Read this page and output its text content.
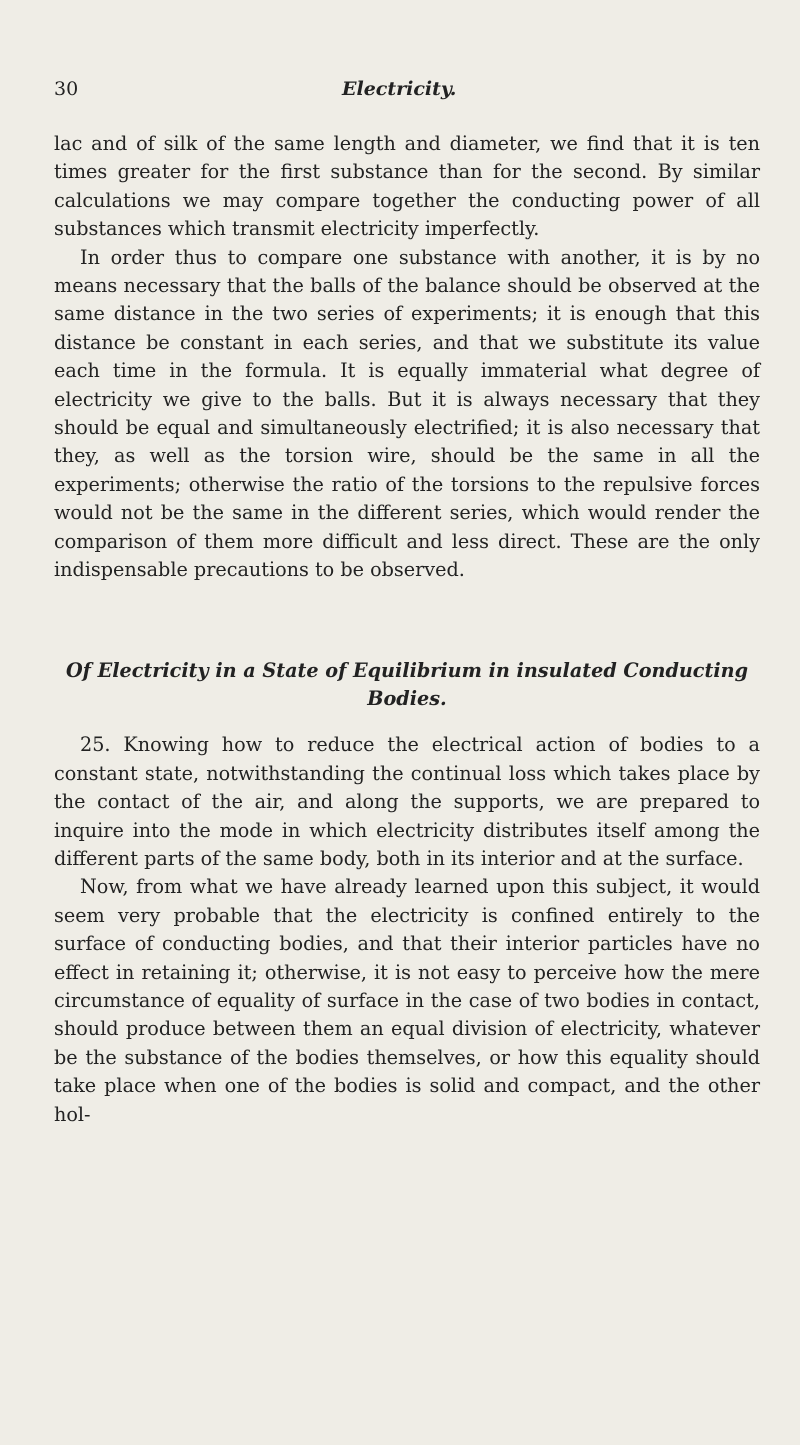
30	Electricity.

lac and of silk of the same length and diameter, we find that it is ten times greater for the first substance than for the second. By similar calculations we may compare together the conducting power of all substances which transmit electricity imperfectly.

In order thus to compare one substance with another, it is by no means necessary that the balls of the balance should be observed at the same distance in the two series of experiments; it is enough that this distance be constant in each series, and that we substitute its value each time in the formula. It is equally immaterial what degree of electricity we give to the balls. But it is always necessary that they should be equal and simultaneously electrified; it is also necessary that they, as well as the torsion wire, should be the same in all the experiments; otherwise the ratio of the torsions to the repulsive forces would not be the same in the different series, which would render the comparison of them more difficult and less direct. These are the only indispensable precautions to be observed.

Of Electricity in a State of Equilibrium in insulated Conducting
Bodies.

25. Knowing how to reduce the electrical action of bodies to a constant state, notwithstanding the continual loss which takes place by the contact of the air, and along the supports, we are prepared to inquire into the mode in which electricity distributes itself among the different parts of the same body, both in its interior and at the surface.

Now, from what we have already learned upon this subject, it would seem very probable that the electricity is confined entirely to the surface of conducting bodies, and that their interior particles have no effect in retaining it; otherwise, it is not easy to perceive how the mere circumstance of equality of surface in the case of two bodies in contact, should produce between them an equal division of electricity, whatever be the substance of the bodies themselves, or how this equality should take place when one of the bodies is solid and compact, and the other hol-
